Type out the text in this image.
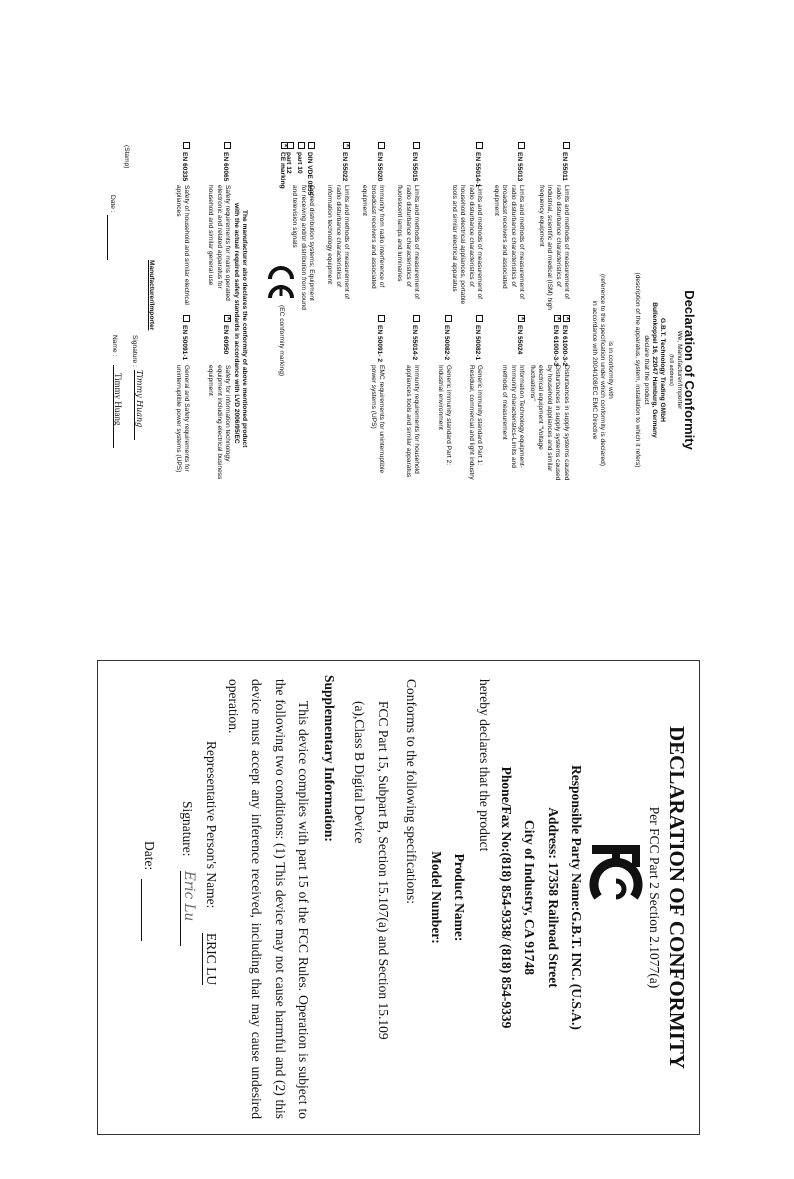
Declaration of Conformity
We, Manufacturer/Importer
(full address)
G.B.T. Technology Trading GMbH
Bullenkoppel 16, 22047 Hamburg, Germany
declare that the product
(description of the apparatus, system, installation to which it refers)
is in conformity with
(reference to the specification under which conformity is declared)
in accordance with 2004/108/EC EMC Directive
EN 55011
Limits and methods of measurement of radio disturbance characteristics of industrial, scientific and medical (ISM) high frequency equipment
EN 55013
Limits and methods of measurement of radio disturbance characteristics of broadcast receivers and associated equipment
EN 55014-1
Limits and methods of measurement of radio disturbance characteristics of household electrical appliances, portable tools and similar electrical apparatus
EN 55015
Limits and methods of measurement of radio disturbance characteristics of fluorescent lamps and luminaries
EN 55020
Immunity from radio interference of broadcast receivers and associated equipment
×EN 55022
Limits and methods of measurement of radio disturbance characteristics of information technology equipment
DIN VDE 0855
part 10
part 12
Cabled distribution systems; Equipment for receiving and/or distribution from sound and television signals
×CE marking
EN 60065
Safety requirements for mains operated electronic and related apparatus for household and similar general use
EN 60335
Safety of household and similar electrical appliances
×EN 61000-3-2
Disturbances in supply systems caused
×EN 61000-3-3
Disturbances in supply systems caused by household appliances and similar electrical equipment "Voltage fluctuations"
×EN 55024
Information Technology equipment-Immunity characteristics-Limits and methods of measurement
EN 50082-1
Generic immunity standard Part 1: Residual, commercial and light industry
EN 50082-2
Generic immunity standard Part 2: Industrial environment
EN 55014-2
Immunity requirements for household appliances tools and similar apparatus
EN 50091- 2
EMC requirements for uninterruptible power systems (UPS)
×EN 60950
Safety for information technology equipment including electrical business equipment
EN 50091-1
General and Safety requirements for uninterruptible power systems (UPS)
(EC conformity marking)
The manufacturer also declares the conformity of above mentioned product
with the actual required safety standards in accordance with LVD 2006/95/EC
Manufacturer/Importer
Signature :
Timmy Huang
Name :
Timmy Huang
(Stamp)
Date :
DECLARATION OF CONFORMITY
Per FCC Part 2 Section 2.1077(a)
Responsible Party Name:G.B.T. INC. (U.S.A.)
Address: 17358 Railroad Street
City of Industry, CA 91748
Phone/Fax No:(818) 854-9338/ (818) 854-9339
hereby declares that the product
Product Name:
Model Number:
Conforms to the following specifications:
FCC Part 15, Subpart B, Section 15.107(a) and Section 15.109
(a),Class B Digital Device
Supplementary Information:
This device complies with part 15 of the FCC Rules. Operation is subject to the following two conditions: (1) This device may not cause harmful and (2) this device must accept any inference received, including that may cause undesired operation.
Representative Person's Name:
ERIC LU
Signature:
Eric Lu
Date:
